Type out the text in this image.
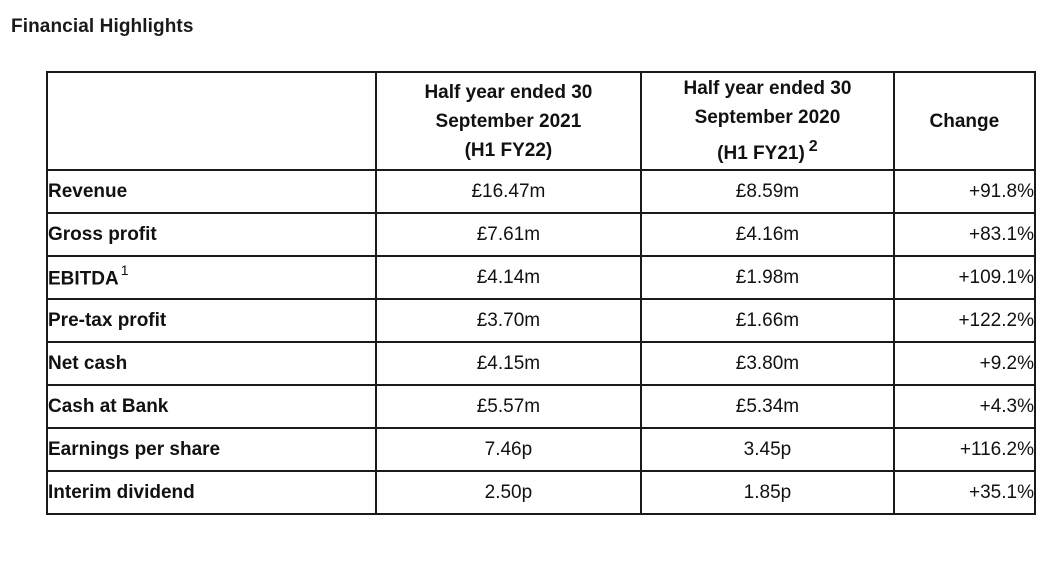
Financial Highlights

	Half year ended 30
September 2021
(H1 FY22)	Half year ended 30
September 2020
(H1 FY21) $^2$	Change
Revenue	£16.47m	£8.59m	+91.8%
Gross profit	£7.61m	£4.16m	+83.1%
EBITDA $^1$	£4.14m	£1.98m	+109.1%
Pre-tax profit	£3.70m	£1.66m	+122.2%
Net cash	£4.15m	£3.80m	+9.2%
Cash at Bank	£5.57m	£5.34m	+4.3%
Earnings per share	7.46p	3.45p	+116.2%
Interim dividend	2.50p	1.85p	+35.1%
